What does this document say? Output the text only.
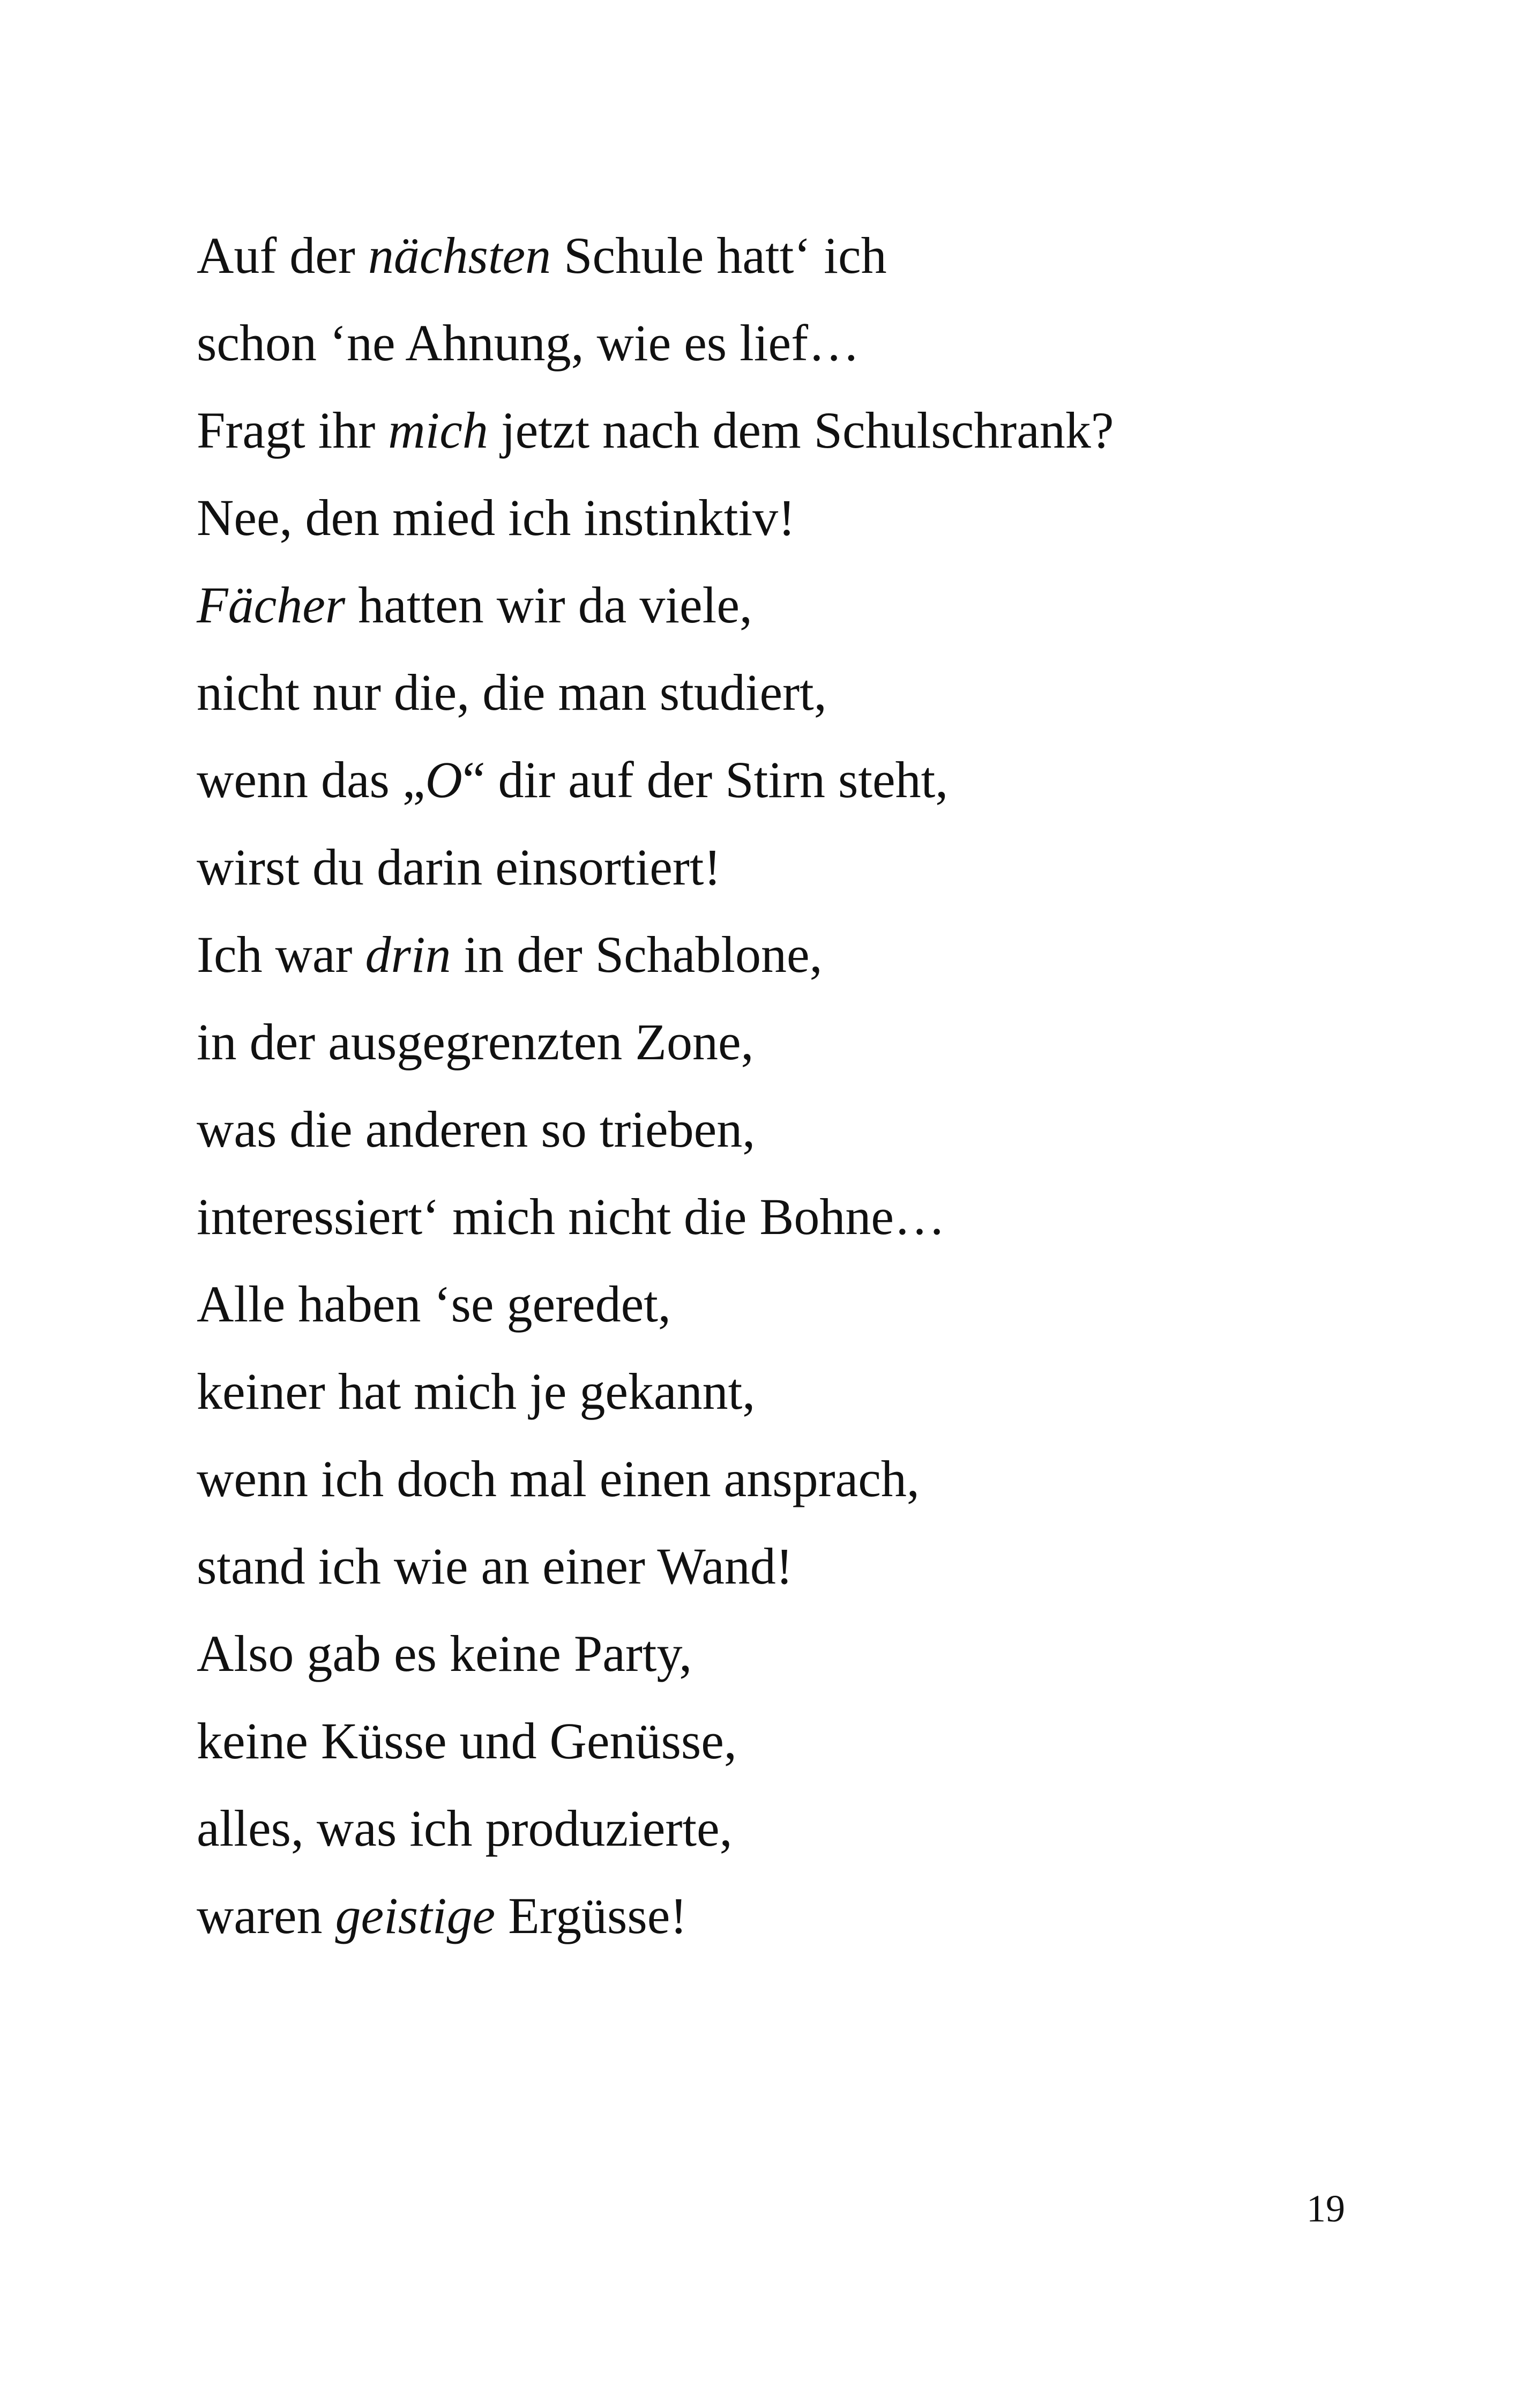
Auf der nächsten Schule hatt‘ ich
schon ‘ne Ahnung, wie es lief…
Fragt ihr mich jetzt nach dem Schulschrank?
Nee, den mied ich instinktiv!
Fächer hatten wir da viele,
nicht nur die, die man studiert,
wenn das „O“ dir auf der Stirn steht,
wirst du darin einsortiert!
Ich war drin in der Schablone,
in der ausgegrenzten Zone,
was die anderen so trieben,
interessiert‘ mich nicht die Bohne…
Alle haben ‘se geredet,
keiner hat mich je gekannt,
wenn ich doch mal einen ansprach,
stand ich wie an einer Wand!
Also gab es keine Party,
keine Küsse und Genüsse,
alles, was ich produzierte,
waren geistige Ergüsse!
19
